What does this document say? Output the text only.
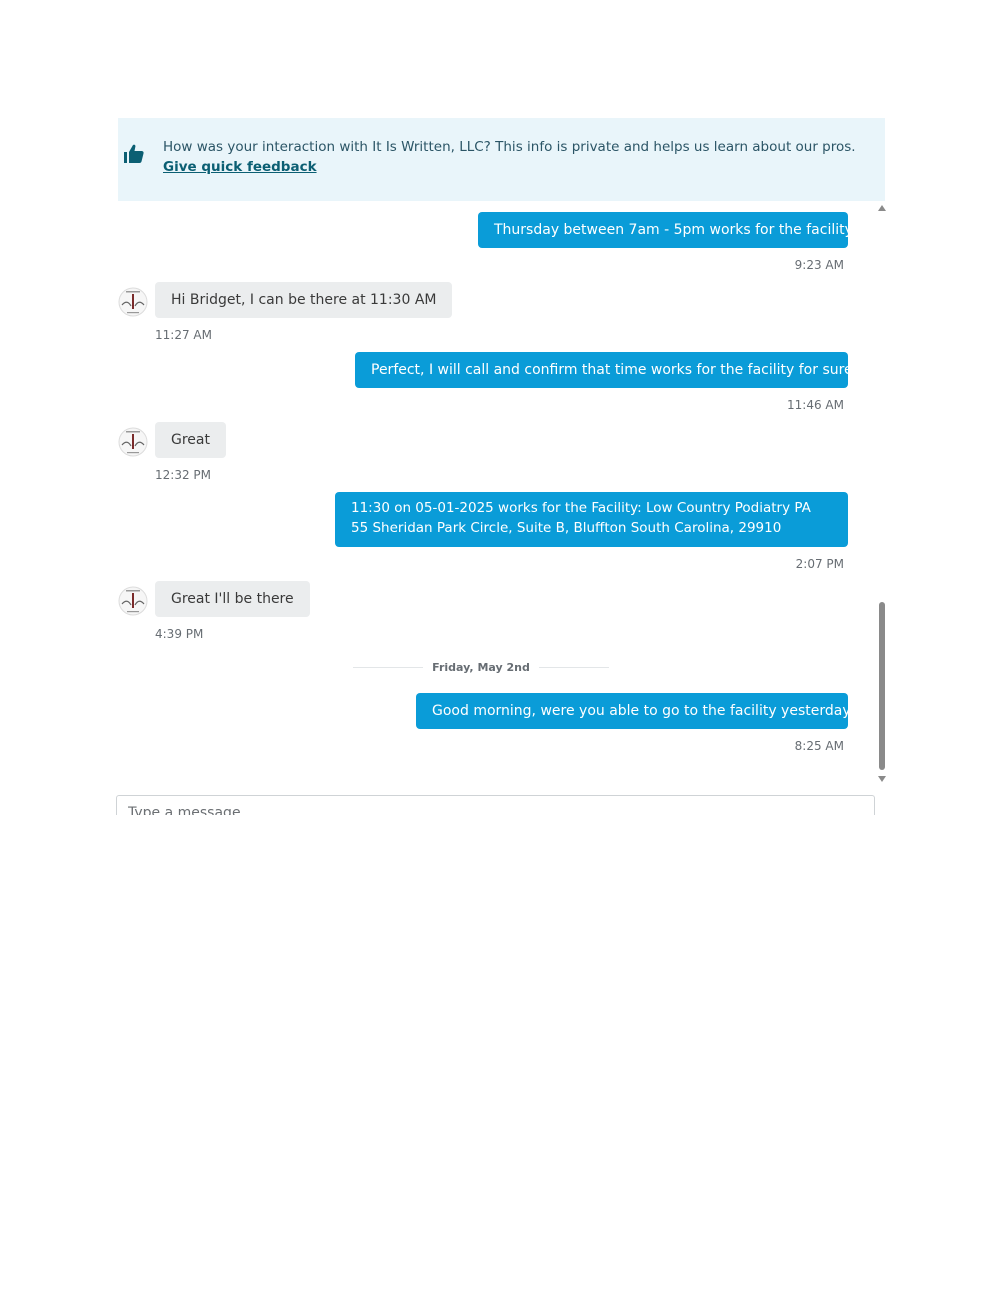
How was your interaction with It Is Written, LLC? This info is private and helps us learn about our pros.
Give quick feedback
Thursday between 7am - 5pm works for the facility
9:23 AM
Hi Bridget, I can be there at 11:30 AM
11:27 AM
Perfect, I will call and confirm that time works for the facility for sure!
11:46 AM
Great
12:32 PM
11:30 on 05-01-2025 works for the Facility: Low Country Podiatry PA 55 Sheridan Park Circle, Suite B, Bluffton South Carolina, 29910
2:07 PM
Great I'll be there
4:39 PM
Friday, May 2nd
Good morning, were you able to go to the facility yesterday?
8:25 AM
Type a message
